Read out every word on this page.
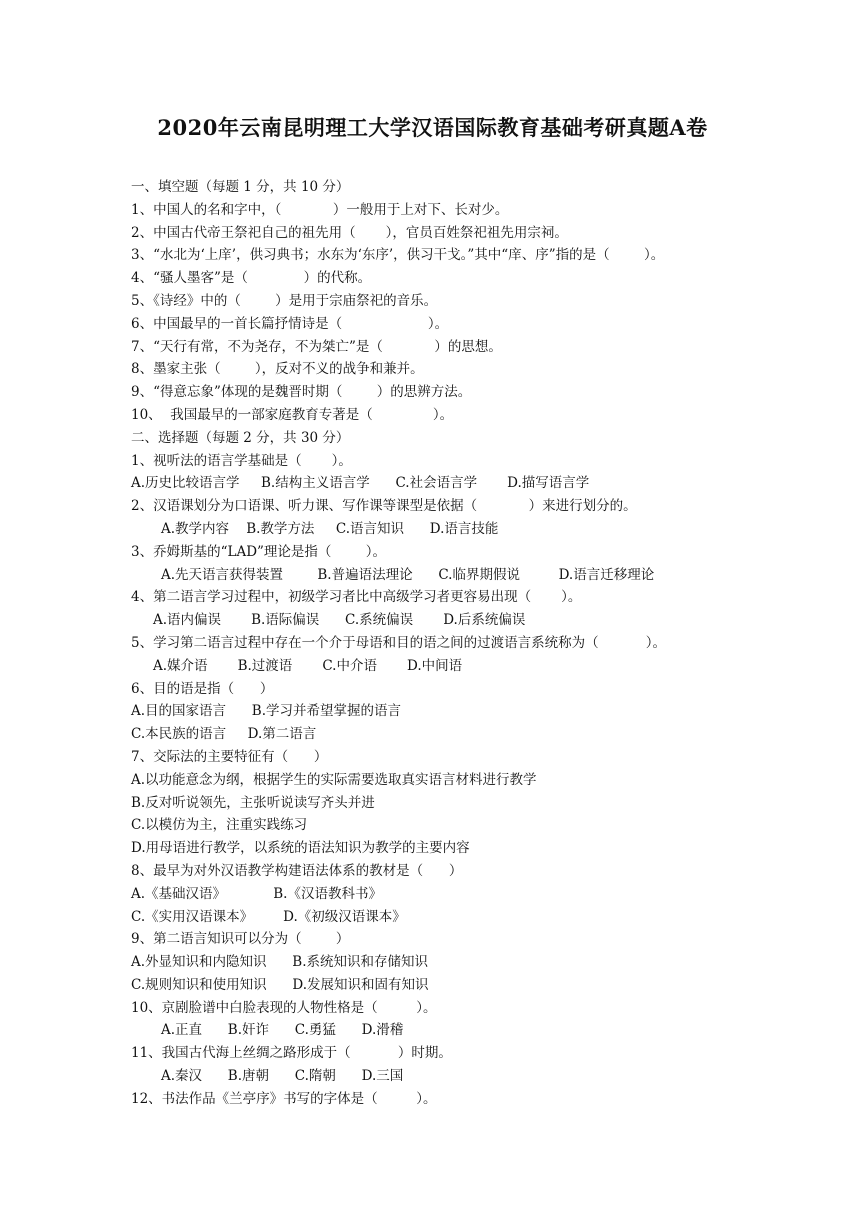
2020年云南昆明理工大学汉语国际教育基础考研真题A卷
一、填空题（每题 1 分，共 10 分）
1、中国人的名和字中，（            ）一般用于上对下、长对少。
2、中国古代帝王祭祀自己的祖先用（       ），官员百姓祭祀祖先用宗祠。
3、“水北为‘上庠’，供习典书；水东为‘东序’，供习干戈。”其中“庠、序”指的是（        ）。
4、“骚人墨客”是（             ）的代称。
5、《诗经》中的（        ）是用于宗庙祭祀的音乐。
6、中国最早的一首长篇抒情诗是（                    ）。
7、“天行有常，不为尧存，不为桀亡”是（            ）的思想。
8、墨家主张（        ），反对不义的战争和兼并。
9、“得意忘象”体现的是魏晋时期（        ）的思辨方法。
10、  我国最早的一部家庭教育专著是（              ）。
二、选择题（每题 2 分，共 30 分）
1、视听法的语言学基础是（       ）。
A.历史比较语言学     B.结构主义语言学      C.社会语言学       D.描写语言学
2、汉语课划分为口语课、听力课、写作课等课型是依据（            ）来进行划分的。
A.教学内容    B.教学方法     C.语言知识      D.语言技能
3、乔姆斯基的“LAD”理论是指（        ）。
A.先天语言获得装置        B.普遍语法理论      C.临界期假说         D.语言迁移理论
4、第二语言学习过程中，初级学习者比中高级学习者更容易出现（       ）。
A.语内偏误       B.语际偏误      C.系统偏误       D.后系统偏误
5、学习第二语言过程中存在一个介于母语和目的语之间的过渡语言系统称为（           ）。
A.媒介语       B.过渡语       C.中介语       D.中间语
6、目的语是指（      ）
A.目的国家语言      B.学习并希望掌握的语言
C.本民族的语言     D.第二语言
7、交际法的主要特征有（      ）
A.以功能意念为纲，根据学生的实际需要选取真实语言材料进行教学
B.反对听说领先，主张听说读写齐头并进
C.以模仿为主，注重实践练习
D.用母语进行教学，以系统的语法知识为教学的主要内容
8、最早为对外汉语教学构建语法体系的教材是（      ）
A.《基础汉语》           B.《汉语教科书》
C.《实用汉语课本》       D.《初级汉语课本》
9、第二语言知识可以分为（        ）
A.外显知识和内隐知识      B.系统知识和存储知识
C.规则知识和使用知识      D.发展知识和固有知识
10、京剧脸谱中白脸表现的人物性格是（         ）。
A.正直      B.奸诈      C.勇猛      D.滑稽
11、我国古代海上丝绸之路形成于（           ）时期。
A.秦汉      B.唐朝      C.隋朝      D.三国
12、书法作品《兰亭序》书写的字体是（         ）。
